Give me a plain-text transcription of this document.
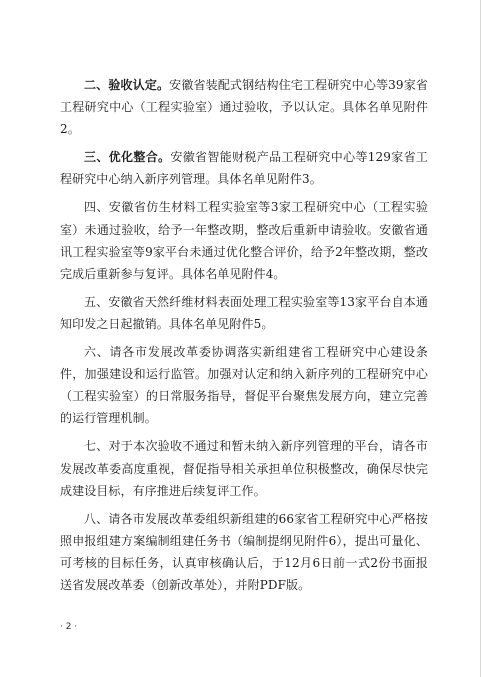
二、验收认定。安徽省装配式钢结构住宅工程研究中心等39家省工程研究中心（工程实验室）通过验收，予以认定。具体名单见附件2。

三、优化整合。安徽省智能财税产品工程研究中心等129家省工程研究中心纳入新序列管理。具体名单见附件3。

四、安徽省仿生材料工程实验室等3家工程研究中心（工程实验室）未通过验收，给予一年整改期，整改后重新申请验收。安徽省通讯工程实验室等9家平台未通过优化整合评价，给予2年整改期，整改完成后重新参与复评。具体名单见附件4。

五、安徽省天然纤维材料表面处理工程实验室等13家平台自本通知印发之日起撤销。具体名单见附件5。

六、请各市发展改革委协调落实新组建省工程研究中心建设条件，加强建设和运行监管。加强对认定和纳入新序列的工程研究中心（工程实验室）的日常服务指导，督促平台聚焦发展方向，建立完善的运行管理机制。

七、对于本次验收不通过和暂未纳入新序列管理的平台，请各市发展改革委高度重视，督促指导相关承担单位积极整改，确保尽快完成建设目标，有序推进后续复评工作。

八、请各市发展改革委组织新组建的66家省工程研究中心严格按照申报组建方案编制组建任务书（编制提纲见附件6），提出可量化、可考核的目标任务，认真审核确认后，于12月6日前一式2份书面报送省发展改革委（创新改革处），并附PDF版。

· 2 ·
